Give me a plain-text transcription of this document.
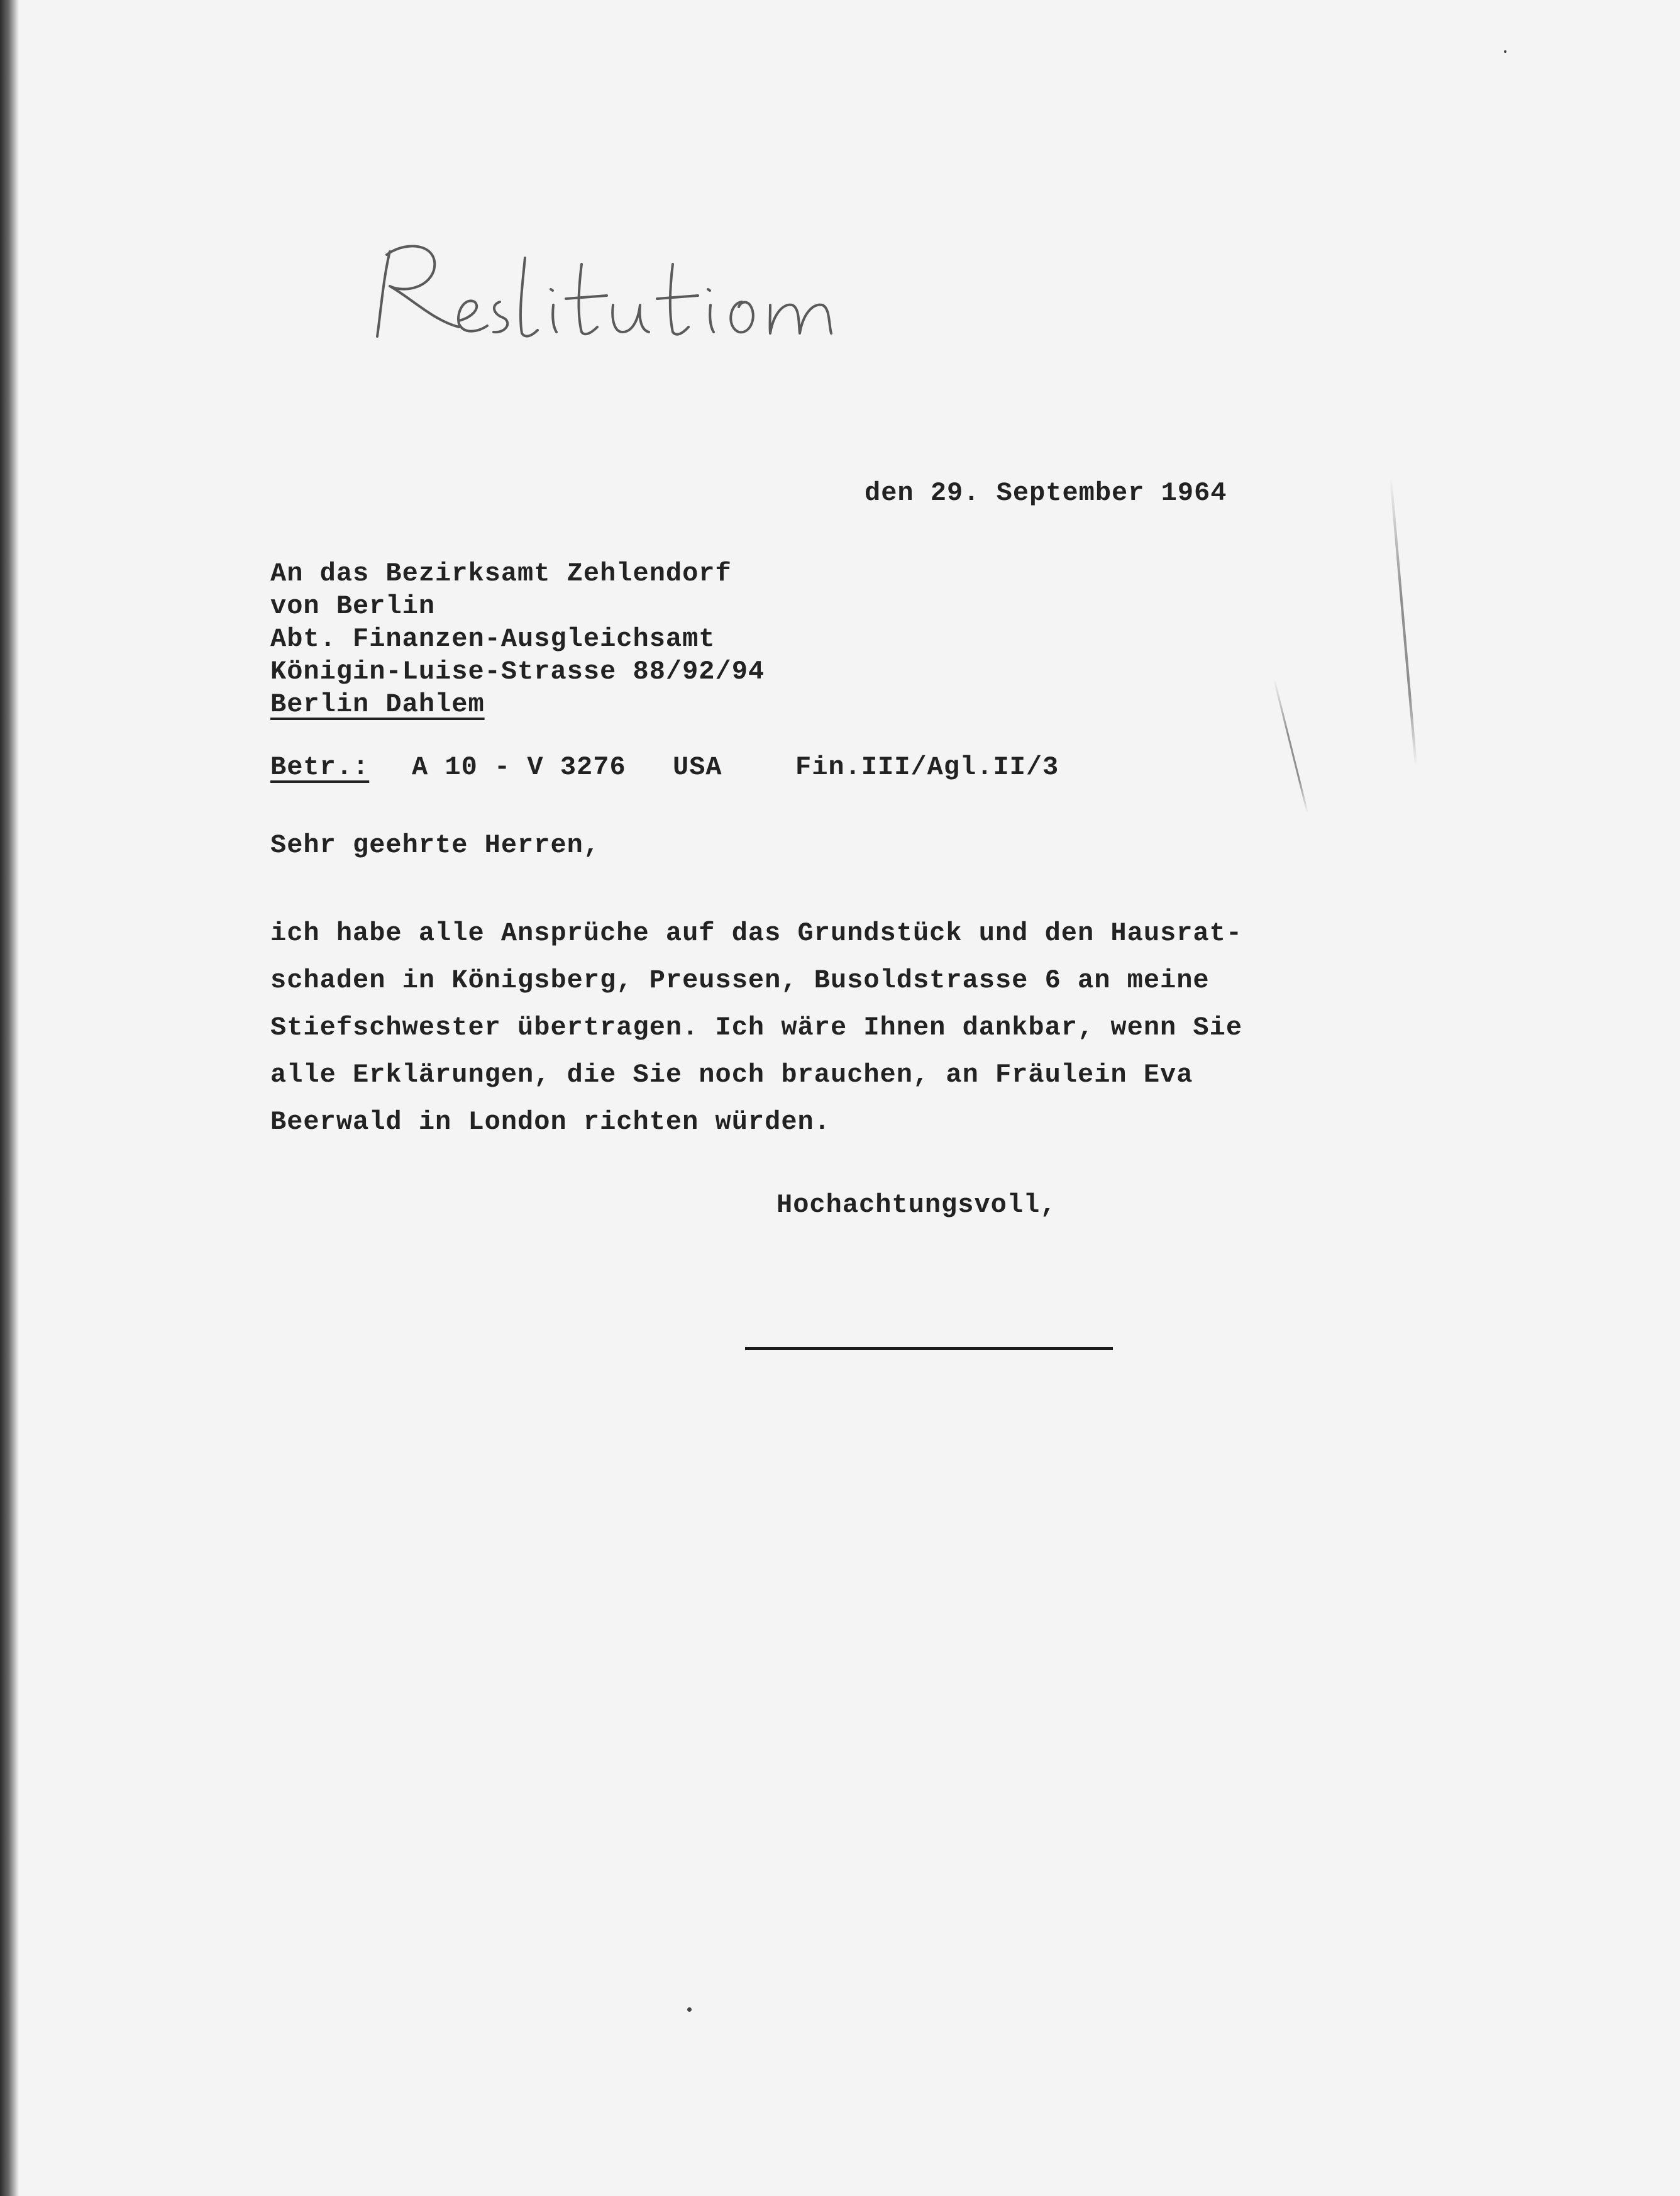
den 29. September 1964
An das Bezirksamt Zehlendorf
von Berlin
Abt. Finanzen-Ausgleichsamt
Königin-Luise-Strasse 88/92/94
Berlin Dahlem
Betr.: A 10 - V 3276 USA	Fin.III/Agl.II/3
Sehr geehrte Herren,
ich habe alle Ansprüche auf das Grundstück und den Hausrat-
schaden in Königsberg, Preussen, Busoldstrasse 6 an meine
Stiefschwester übertragen. Ich wäre Ihnen dankbar, wenn Sie
alle Erklärungen, die Sie noch brauchen, an Fräulein Eva
Beerwald in London richten würden.
Hochachtungsvoll,
